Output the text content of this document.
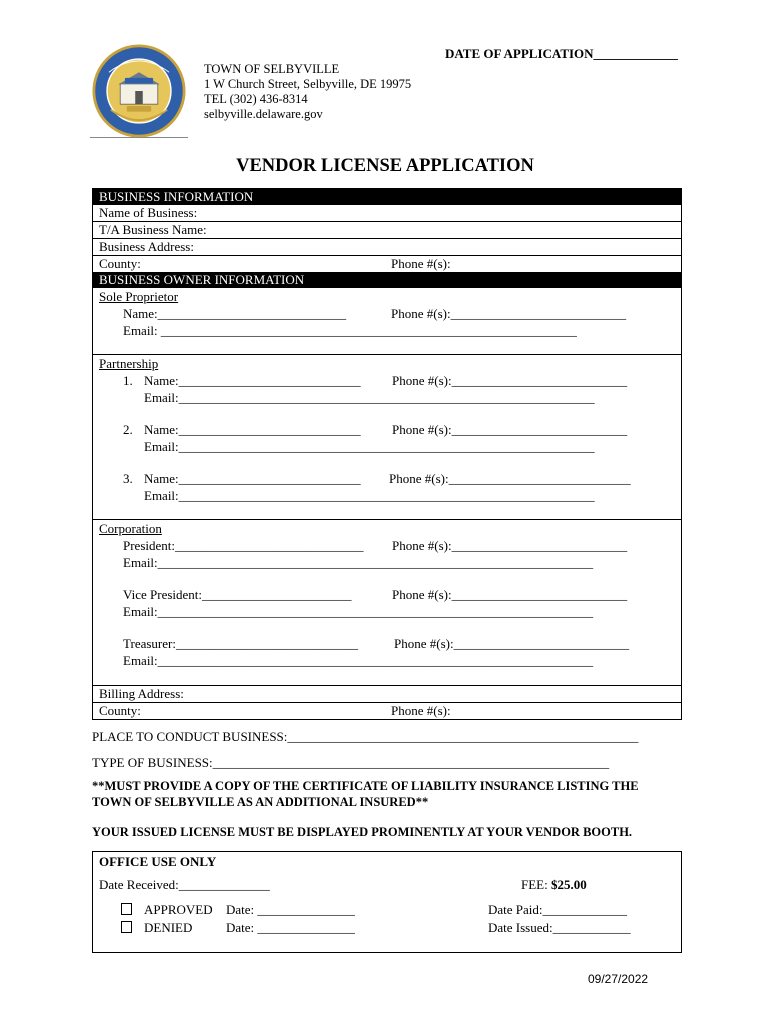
DATE OF APPLICATION_____________
TOWN OF SELBYVILLE
1 W Church Street, Selbyville, DE 19975
TEL (302) 436-8314
selbyville.delaware.gov
VENDOR LICENSE APPLICATION
BUSINESS INFORMATION
Name of Business:
T/A Business Name:
Business Address:
County:	Phone #(s):
BUSINESS OWNER INFORMATION
Sole Proprietor
Name:_____________________________	Phone #(s):___________________________
Email: ________________________________________________________________
Partnership
1. Name:____________________________ Phone #(s):___________________________
Email:________________________________________________________________
2. Name:____________________________ Phone #(s):___________________________
Email:________________________________________________________________
3. Name:____________________________ Phone #(s):____________________________
Email:________________________________________________________________
Corporation
President:_____________________________ Phone #(s):___________________________
Email:___________________________________________________________________
Vice President:_______________________	Phone #(s):___________________________
Email:___________________________________________________________________
Treasurer:____________________________	Phone #(s):___________________________
Email:___________________________________________________________________
Billing Address:
County:	Phone #(s):
PLACE TO CONDUCT BUSINESS:______________________________________________________
TYPE OF BUSINESS:_____________________________________________________________
**MUST PROVIDE A COPY OF THE CERTIFICATE OF LIABILITY INSURANCE LISTING THE
TOWN OF SELBYVILLE AS AN ADDITIONAL INSURED**
YOUR ISSUED LICENSE MUST BE DISPLAYED PROMINENTLY AT YOUR VENDOR BOOTH.
OFFICE USE ONLY
Date Received:______________	FEE: $25.00
APPROVED Date: _______________
DENIED	Date: _______________
Date Paid:_____________
Date Issued:____________
09/27/2022
